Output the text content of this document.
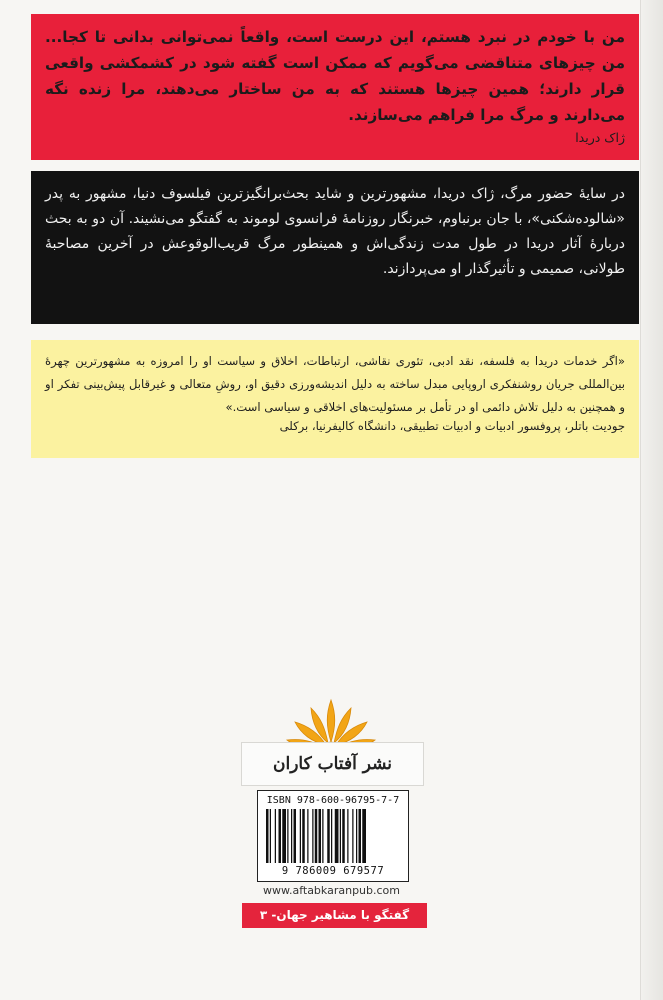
من با خودم در نبرد هستم، این درست است، واقعاً نمی‌توانی بدانی تا کجا... من چیزهای متناقضی می‌گویم که ممکن است گفته شود در کشمکشی واقعی قرار دارند؛ همین چیزها هستند که به من ساختار می‌دهند، مرا زنده نگه می‌دارند و مرگ مرا فراهم می‌سازند.
ژاک دریدا
در سایهٔ حضور مرگ، ژاک دریدا، مشهورترین و شاید بحث‌برانگیزترین فیلسوف دنیا، مشهور به پدر «شالوده‌شکنی»، با جان برنباوم، خبرنگار روزنامهٔ فرانسوی لوموند به گفتگو می‌نشیند. آن دو به بحث دربارهٔ آثار دریدا در طول مدت زندگی‌اش و همینطور مرگ قریب‌الوقوعش در آخرین مصاحبهٔ طولانی، صمیمی و تأثیرگذار او می‌پردازند.
«اگر خدمات دریدا به فلسفه، نقد ادبی، تئوری نقاشی، ارتباطات، اخلاق و سیاست او را امروزه به مشهورترین چهرهٔ بین‌المللی جریان روشنفکری اروپایی مبدل ساخته به دلیل اندیشه‌ورزی دقیق او، روشِ متعالی و غیرقابل پیش‌بینی تفکر او و همچنین به دلیل تلاش دائمی او در تأمل بر مسئولیت‌های اخلاقی و سیاسی است.»
جودیت باتلر، پروفسور ادبیات و ادبیات تطبیقی، دانشگاه کالیفرنیا، برکلی
نشر آفتاب کاران
ISBN 978-600-96795-7-7
9 786009 679577
www.aftabkaranpub.com
گفتگو با مشاهیر جهان- ۳
